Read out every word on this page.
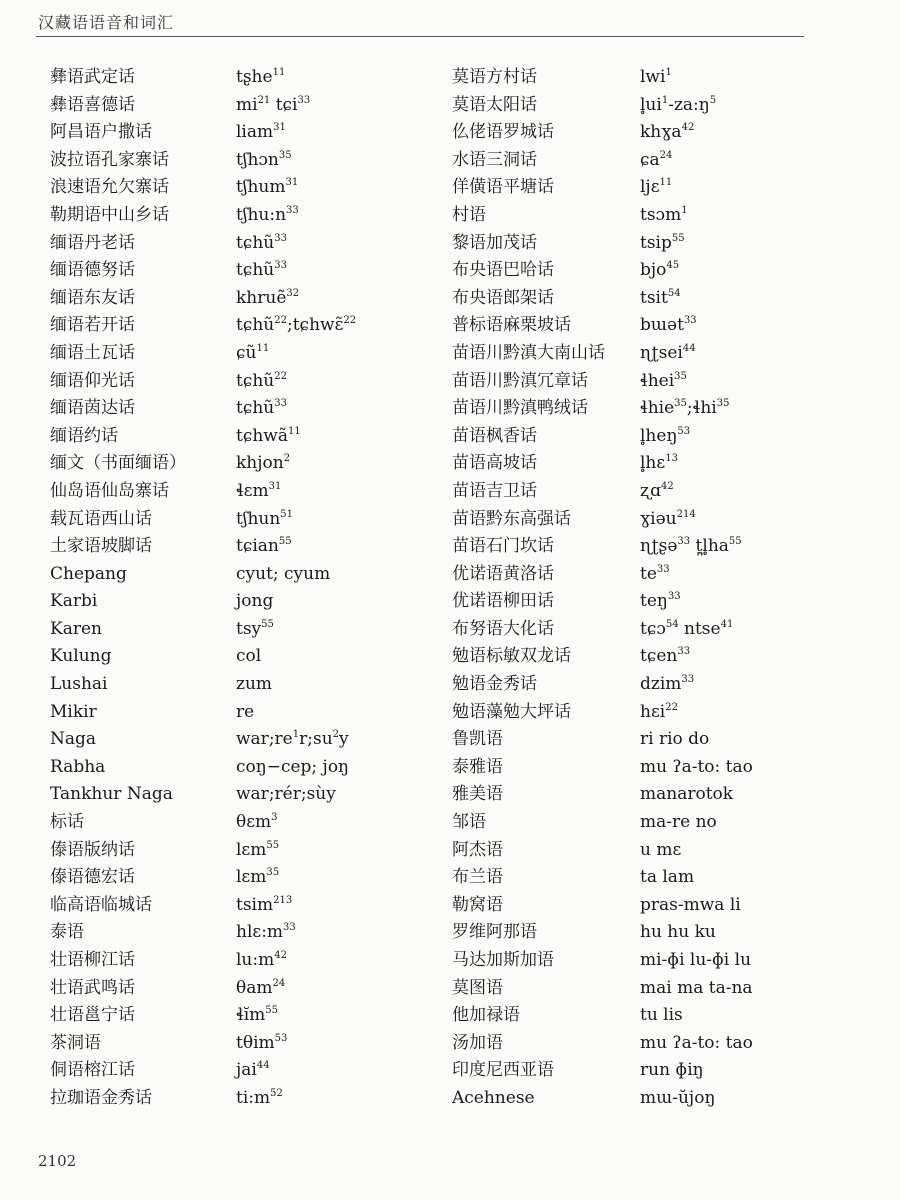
汉藏语语音和词汇
彝语武定话	tʂhe$^{11}$
彝语喜德话	$mi^{21}$ tɕi$^{33}$
阿昌语户撒话	liam$^{31}$
波拉语孔家寨话	tʃhɔn$^{35}$
浪速语允欠寨话	tʃhum$^{31}$
勒期语中山乡话	$tʃhu:n^{33}$
缅语丹老话	tɕhũ$^{33}$
缅语德努话	tɕhũ$^{33}$
缅语东友话	khruẽ$^{32}$
缅语若开话	tɕhũ$^{22}$;tɕhwɛ̃$^{22}$
缅语土瓦话	ɕũ$^{11}$
缅语仰光话	tɕhũ$^{22}$
缅语茵达话	tɕhũ$^{33}$
缅语约话	tɕhwã$^{11}$
缅文（书面缅语）	khjon$^2$
仙岛语仙岛寨话	ɬɛm$^{31}$
载瓦语西山话	tʃhun$^{51}$
土家语坡脚话	tɕian$^{55}$
Chepang	cyut; cyum
Karbi	jong
Karen	tsy$^{55}$
Kulung	col
Lushai	zum
Mikir	re
Naga	$war;re^1r;su^2y$
Rabha	coŋ−cep; joŋ
Tankhur Naga	war;rér;sùy
标话	θɛm$^3$
傣语版纳话	lɛm$^{55}$
傣语德宏话	lɛm$^{35}$
临高语临城话	tsim$^{213}$
泰语	$hlɛ:m^{33}$
壮语柳江话	$lu:m^{42}$
壮语武鸣话	θam$^{24}$
壮语邕宁话	ɬĭm$^{55}$
茶洞语	tθim$^{53}$
侗语榕江话	jai$^{44}$
拉珈语金秀话	$ti:m^{52}$
莫语方村话	lwi$^1$
莫语太阳话	$l̥ui^1-za:ŋ^5$
仫佬语罗城话	khɣa$^{42}$
水语三洞话	ɕa$^{24}$
佯僙语平塘话	ljɛ$^{11}$
村语	tsɔm$^1$
黎语加茂话	tsip$^{55}$
布央语巴哈话	bjo$^{45}$
布央语郎架话	tsit$^{54}$
普标语麻栗坡话	bɯət$^{33}$
苗语川黔滇大南山话 ɳʈsei$^{44}$
苗语川黔滇冗章话	ɬhei$^{35}$
苗语川黔滇鸭绒话	ɬhie$^{35}$;ɬhi$^{35}$
苗语枫香话	l̥heŋ$^{53}$
苗语高坡话	l̥hɛ$^{13}$
苗语吉卫话	ʐɑ$^{42}$
苗语黔东高强话	ɣiəu$^{214}$
苗语石门坎话	ɳʈʂə$^{33}$ $t̪l̥ha^{55}$
优诺语黄洛话	$te^{33}$
优诺语柳田话	teŋ$^{33}$
布努语大化话	tɕɔ$^{54}$ ntse$^{41}$
勉语标敏双龙话	tɕen$^{33}$
勉语金秀话	dzim$^{33}$
勉语藻勉大坪话	hɛi$^{22}$
鲁凯语	ri rio do
泰雅语	mu ʔa-to: tao
雅美语	manarotok
邹语	ma-re no
阿杰语	u mɛ
布兰语	ta lam
勒窝语	pras-mwa li
罗维阿那语	hu hu ku
马达加斯加语	mi-ɸi lu-ɸi lu
莫图语	mai ma ta-na
他加禄语	tu lis
汤加语	mu ʔa-to: tao
印度尼西亚语	run ɸiŋ
Acehnese	mɯ-ŭjoŋ
2102
